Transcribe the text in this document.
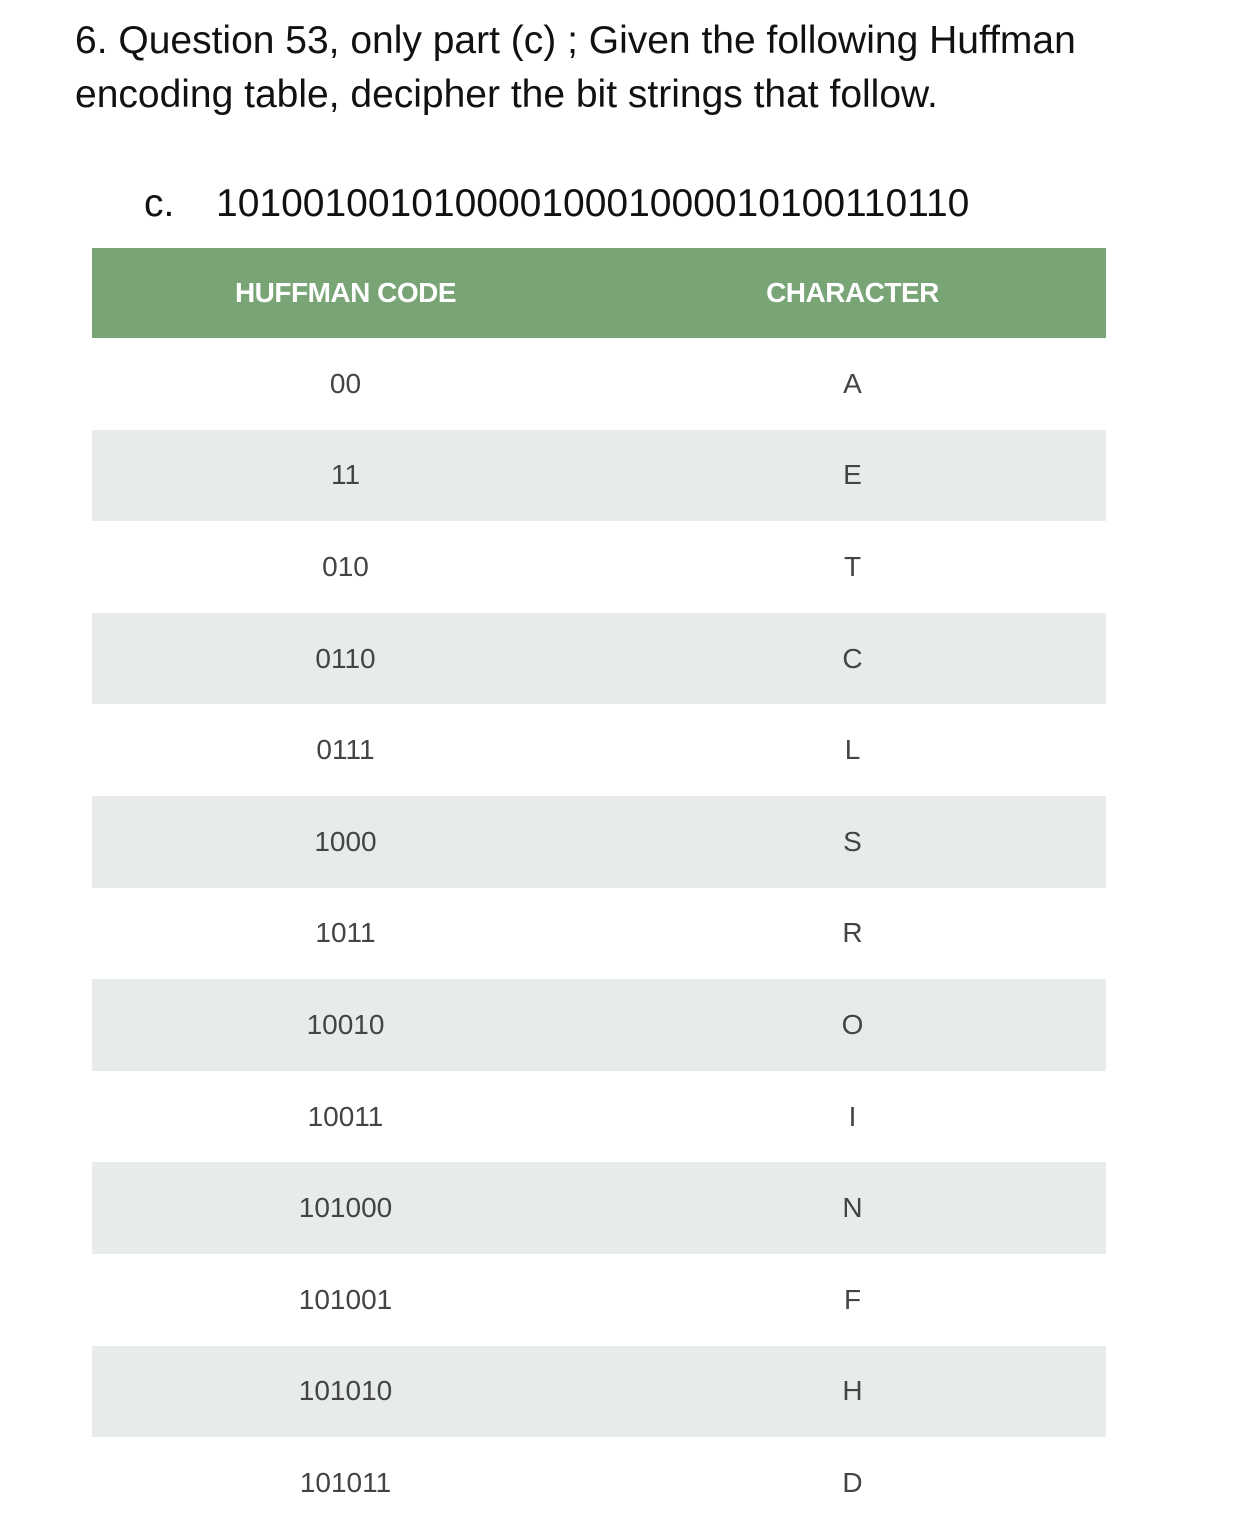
6. Question 53, only part (c) ; Given the following Huffman encoding table, decipher the bit strings that follow.
c. 10100100101000010001000010100110110
HUFFMAN CODE	CHARACTER
00	A
11	E
010	T
0110	C
0111	L
1000	S
1011	R
10010	O
10011	I
101000	N
101001	F
101010	H
101011	D
